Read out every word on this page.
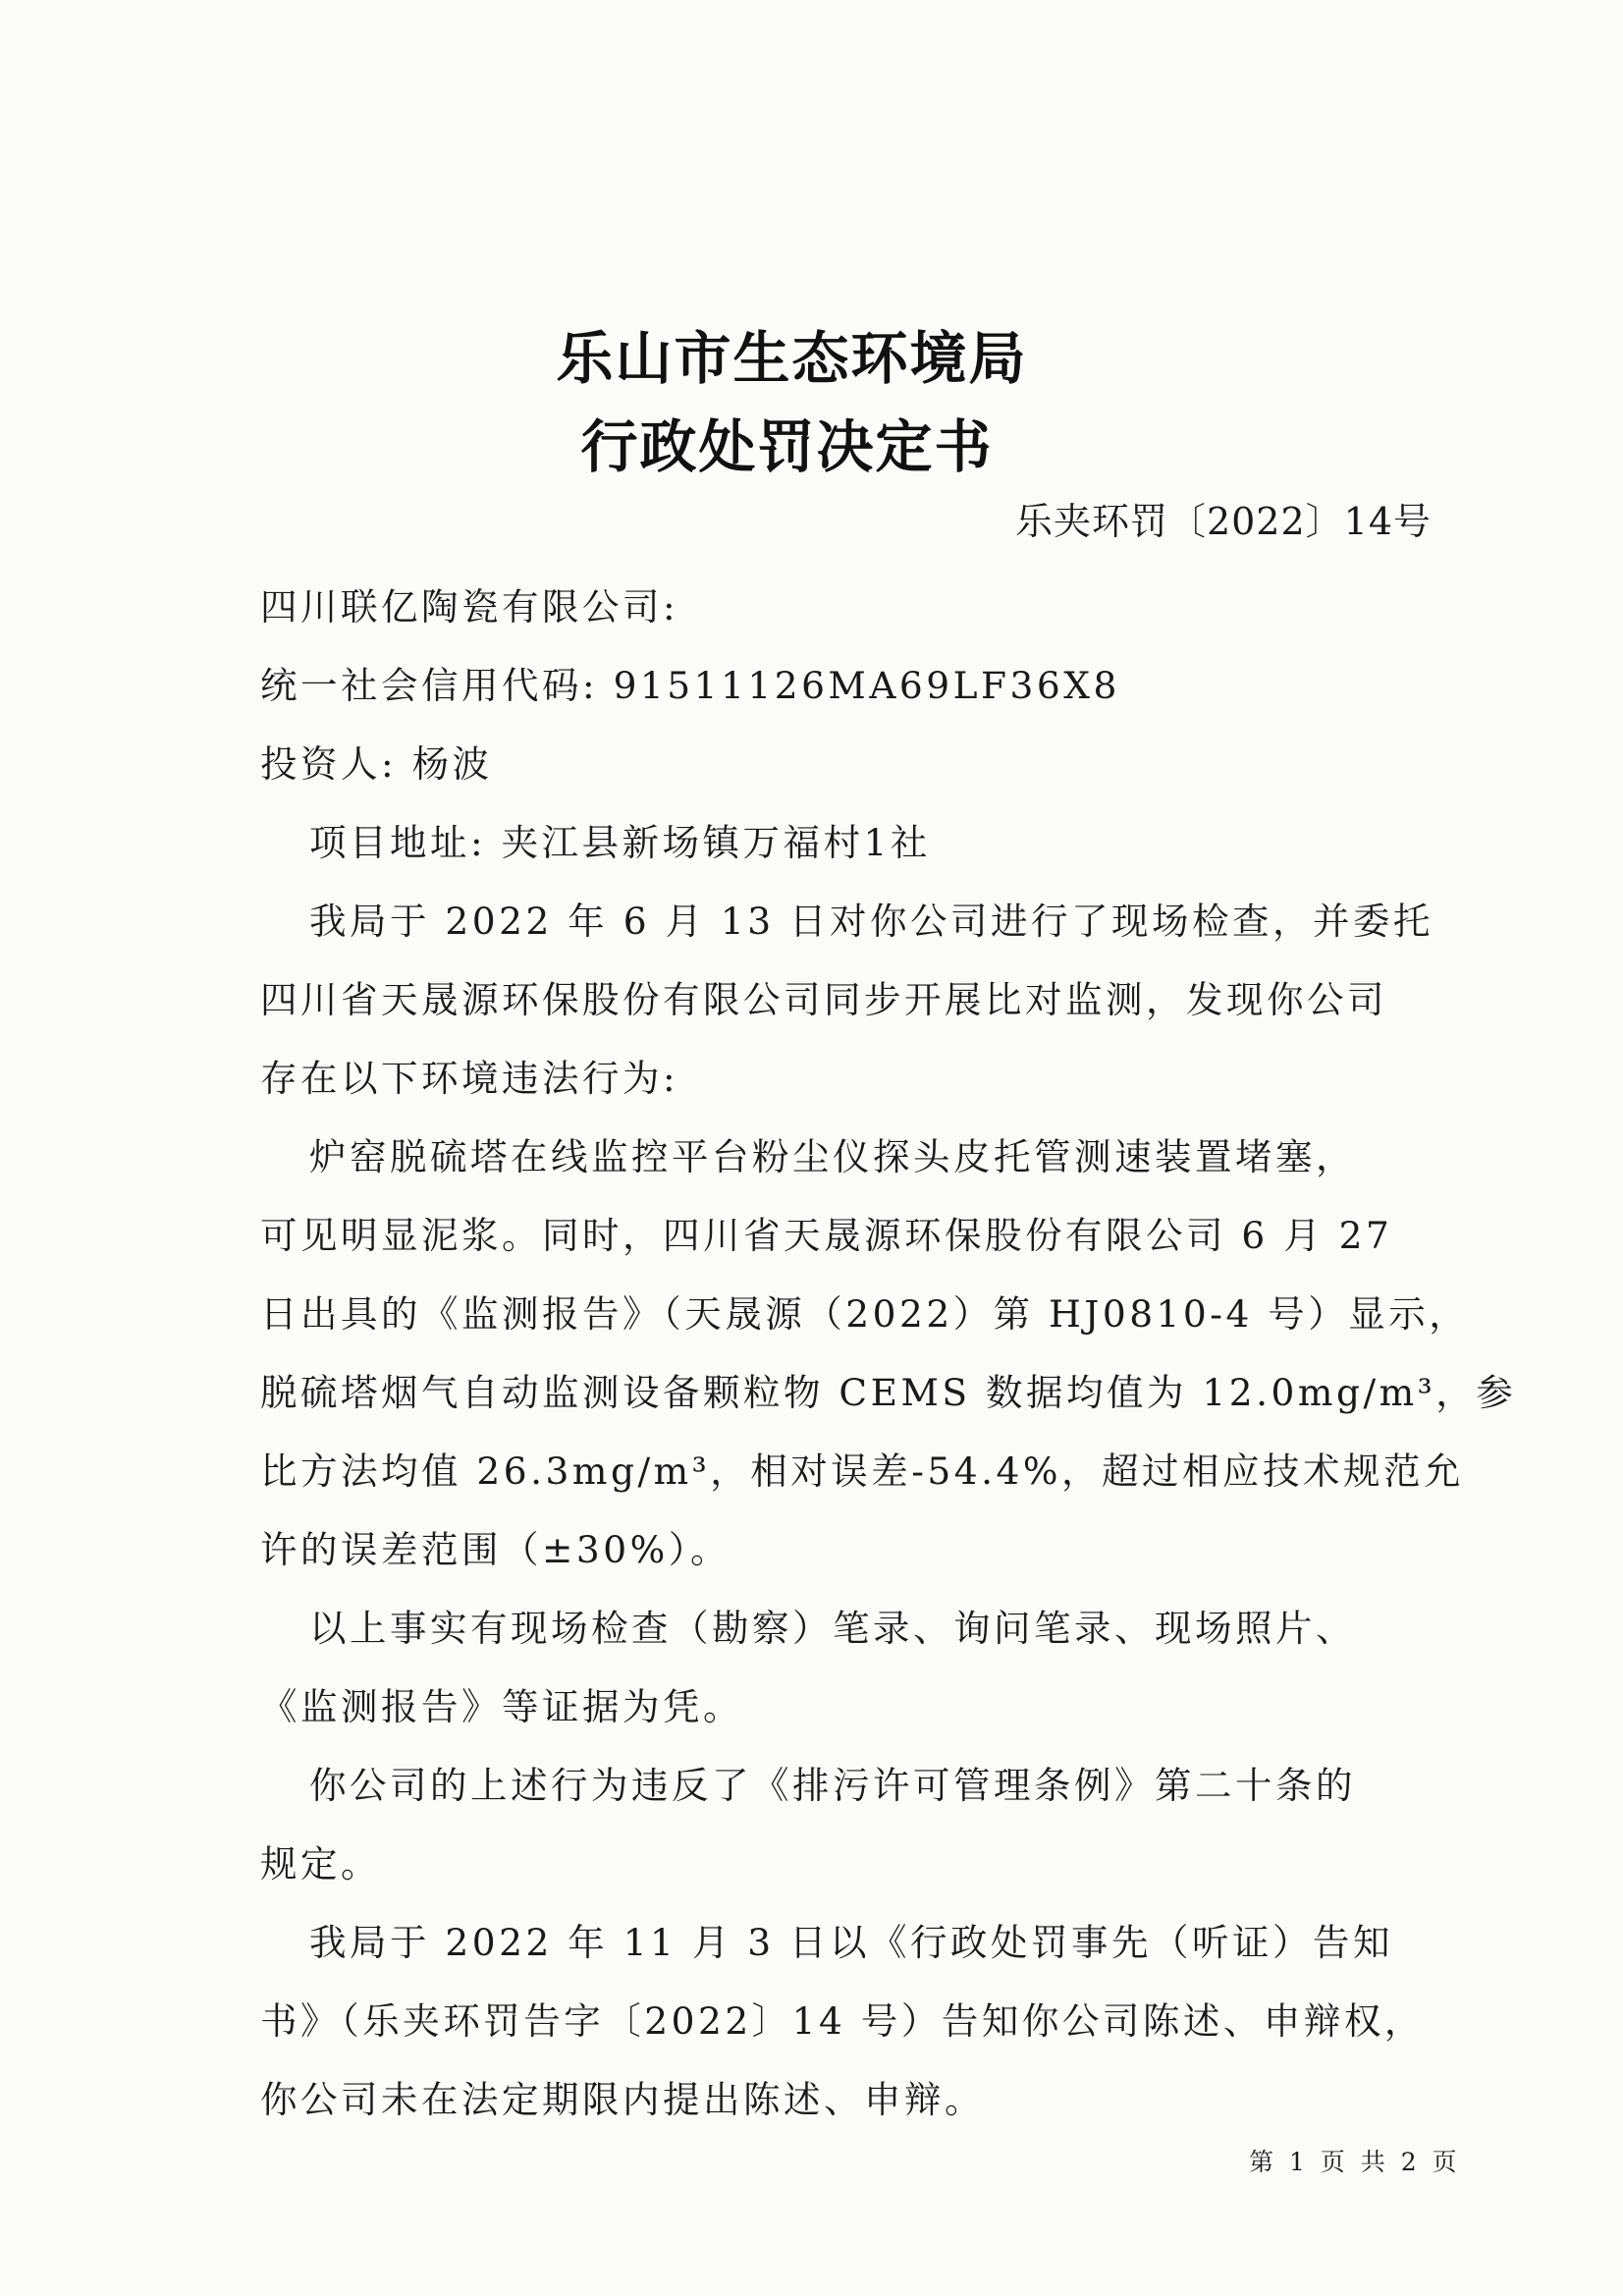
乐山市生态环境局
行政处罚决定书
乐夹环罚〔2022〕14号
四川联亿陶瓷有限公司:
统一社会信用代码: 91511126MA69LF36X8
投资人: 杨波
项目地址: 夹江县新场镇万福村1社
我局于 2022 年 6 月 13 日对你公司进行了现场检查，并委托
四川省天晟源环保股份有限公司同步开展比对监测，发现你公司
存在以下环境违法行为:
炉窑脱硫塔在线监控平台粉尘仪探头皮托管测速装置堵塞，
可见明显泥浆。同时，四川省天晟源环保股份有限公司 6 月 27
日出具的《监测报告》（天晟源（2022）第 HJ0810-4 号）显示，
脱硫塔烟气自动监测设备颗粒物 CEMS 数据均值为 12.0mg/m³，参
比方法均值 26.3mg/m³，相对误差-54.4%，超过相应技术规范允
许的误差范围（±30%）。
以上事实有现场检查（勘察）笔录、询问笔录、现场照片、
《监测报告》等证据为凭。
你公司的上述行为违反了《排污许可管理条例》第二十条的
规定。
我局于 2022 年 11 月 3 日以《行政处罚事先（听证）告知
书》（乐夹环罚告字〔2022〕14 号）告知你公司陈述、申辩权，
你公司未在法定期限内提出陈述、申辩。
第 1 页 共 2 页
